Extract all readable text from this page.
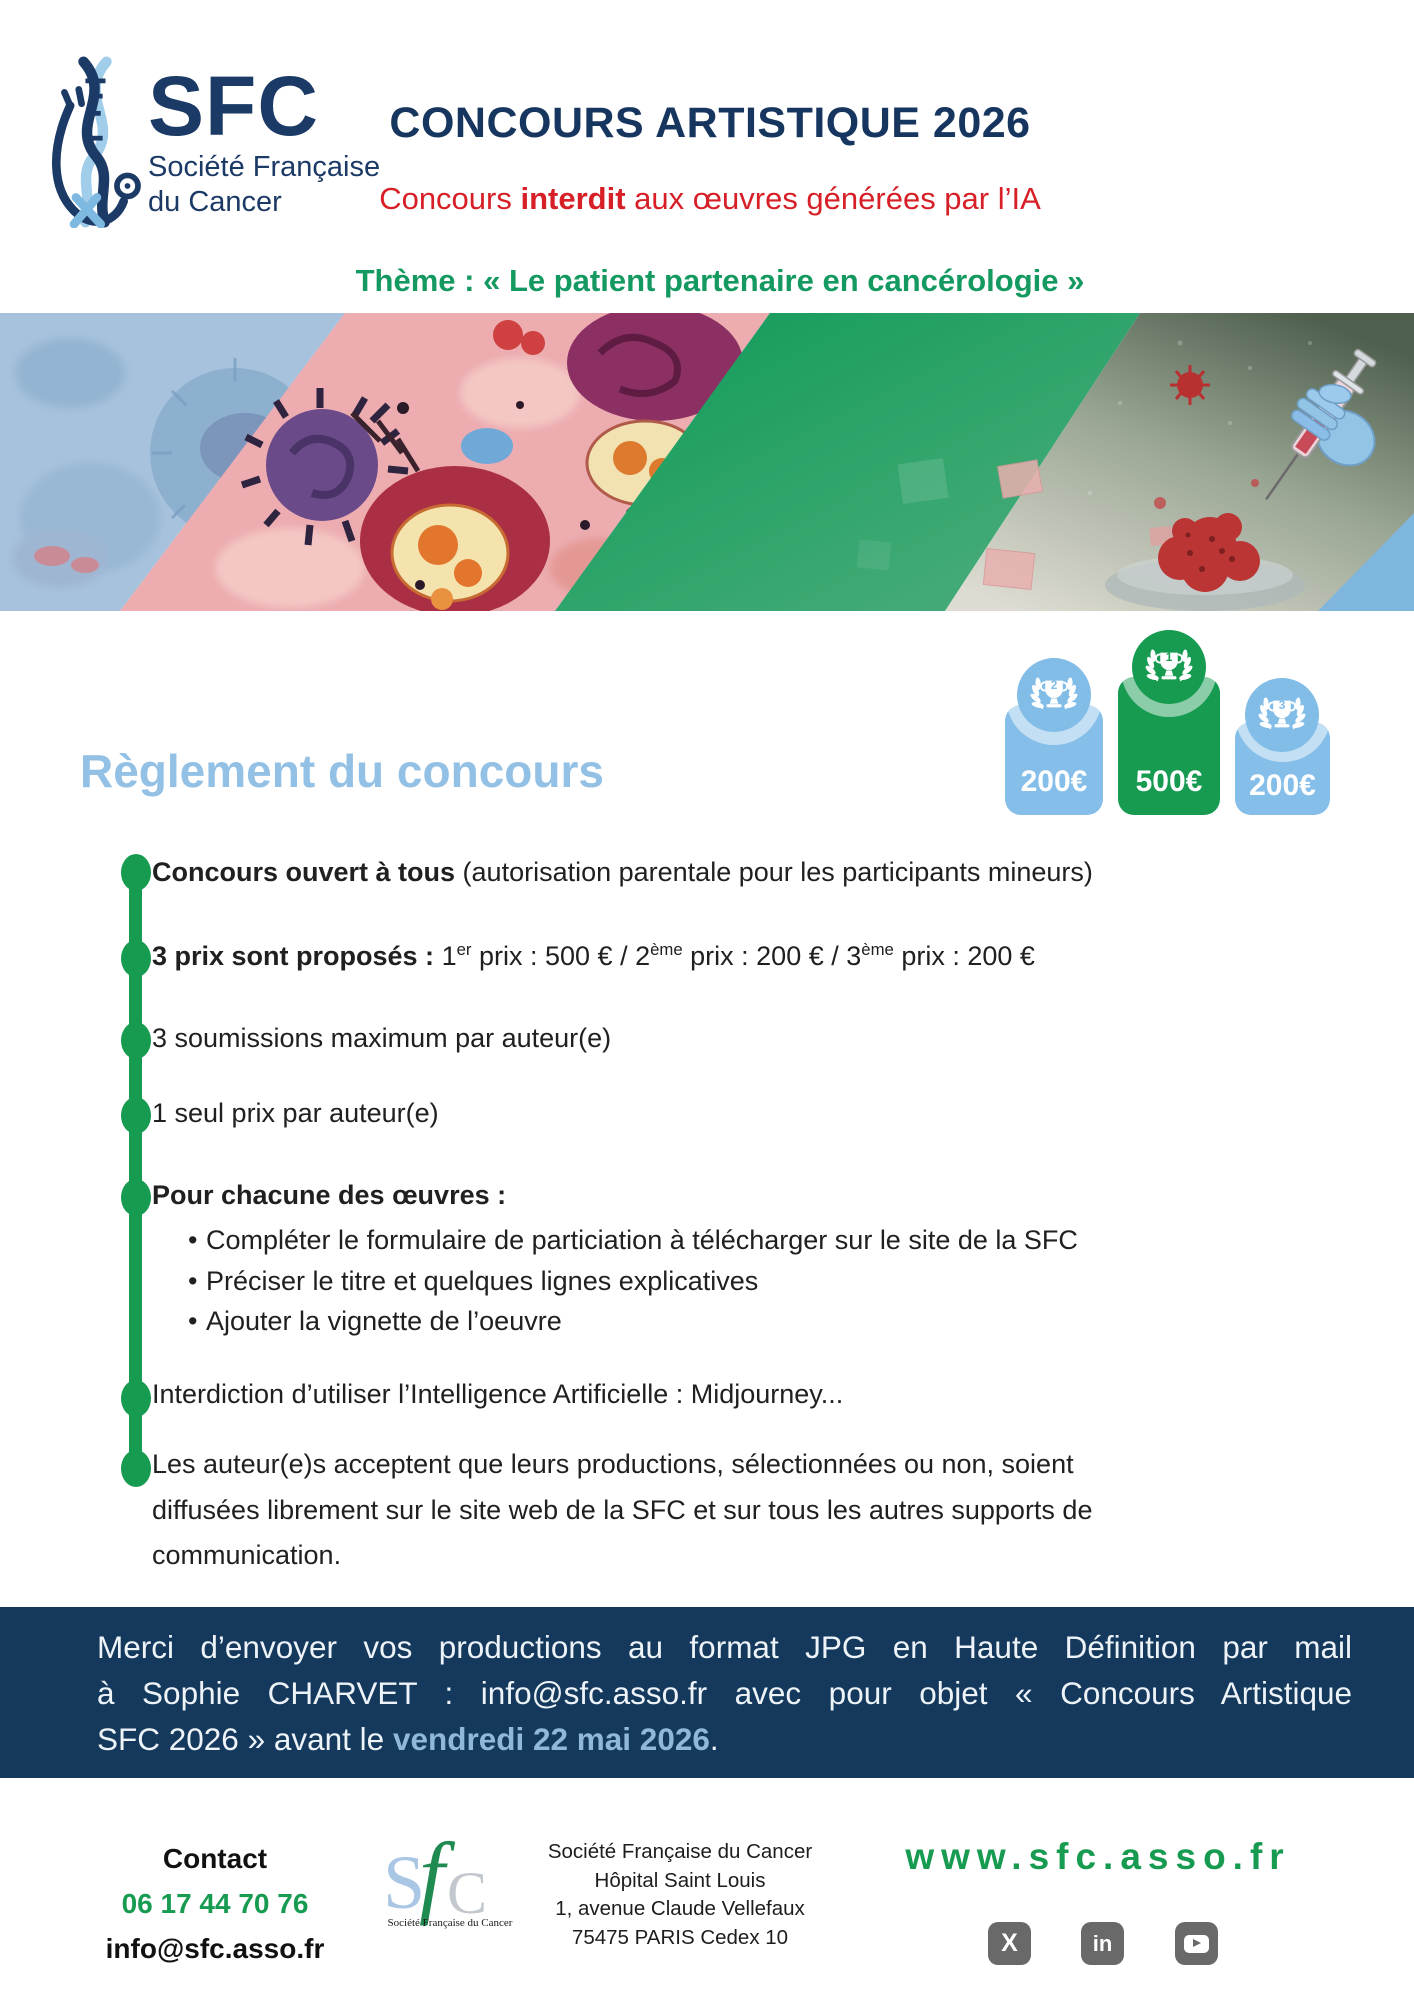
SFC
Société Française
du Cancer
CONCOURS ARTISTIQUE 2026

Concours interdit aux œuvres générées par l’IA

Thème : « Le patient partenaire en cancérologie »

Règlement du concours	200€
2
500€
1
200€
3
Concours ouvert à tous (autorisation parentale pour les participants mineurs)
3 prix sont proposés : 1er prix : 500 € / 2ème prix : 200 € / 3ème prix : 200 €
3 soumissions maximum par auteur(e)
1 seul prix par auteur(e)
Pour chacune des œuvres :
• Compléter le formulaire de particiation à télécharger sur le site de la SFC
• Préciser le titre et quelques lignes explicatives
• Ajouter la vignette de l’oeuvre
Interdiction d’utiliser l’Intelligence Artificielle : Midjourney...
Les auteur(e)s acceptent que leurs productions, sélectionnées ou non, soient
diffusées librement sur le site web de la SFC et sur tous les autres supports de
communication.
Merci d’envoyer vos productions au format JPG en Haute Définition par mail
à Sophie CHARVET : info@sfc.asso.fr avec pour objet « Concours Artistique
SFC 2026 » avant le vendredi 22 mai 2026.
Contact
06 17 44 70 76
info@sfc.asso.fr
S C
f
Société Française du Cancer
Société Française du Cancer
Hôpital Saint Louis
1, avenue Claude Vellefaux
75475 PARIS Cedex 10
www.sfc.asso.fr
X	in
